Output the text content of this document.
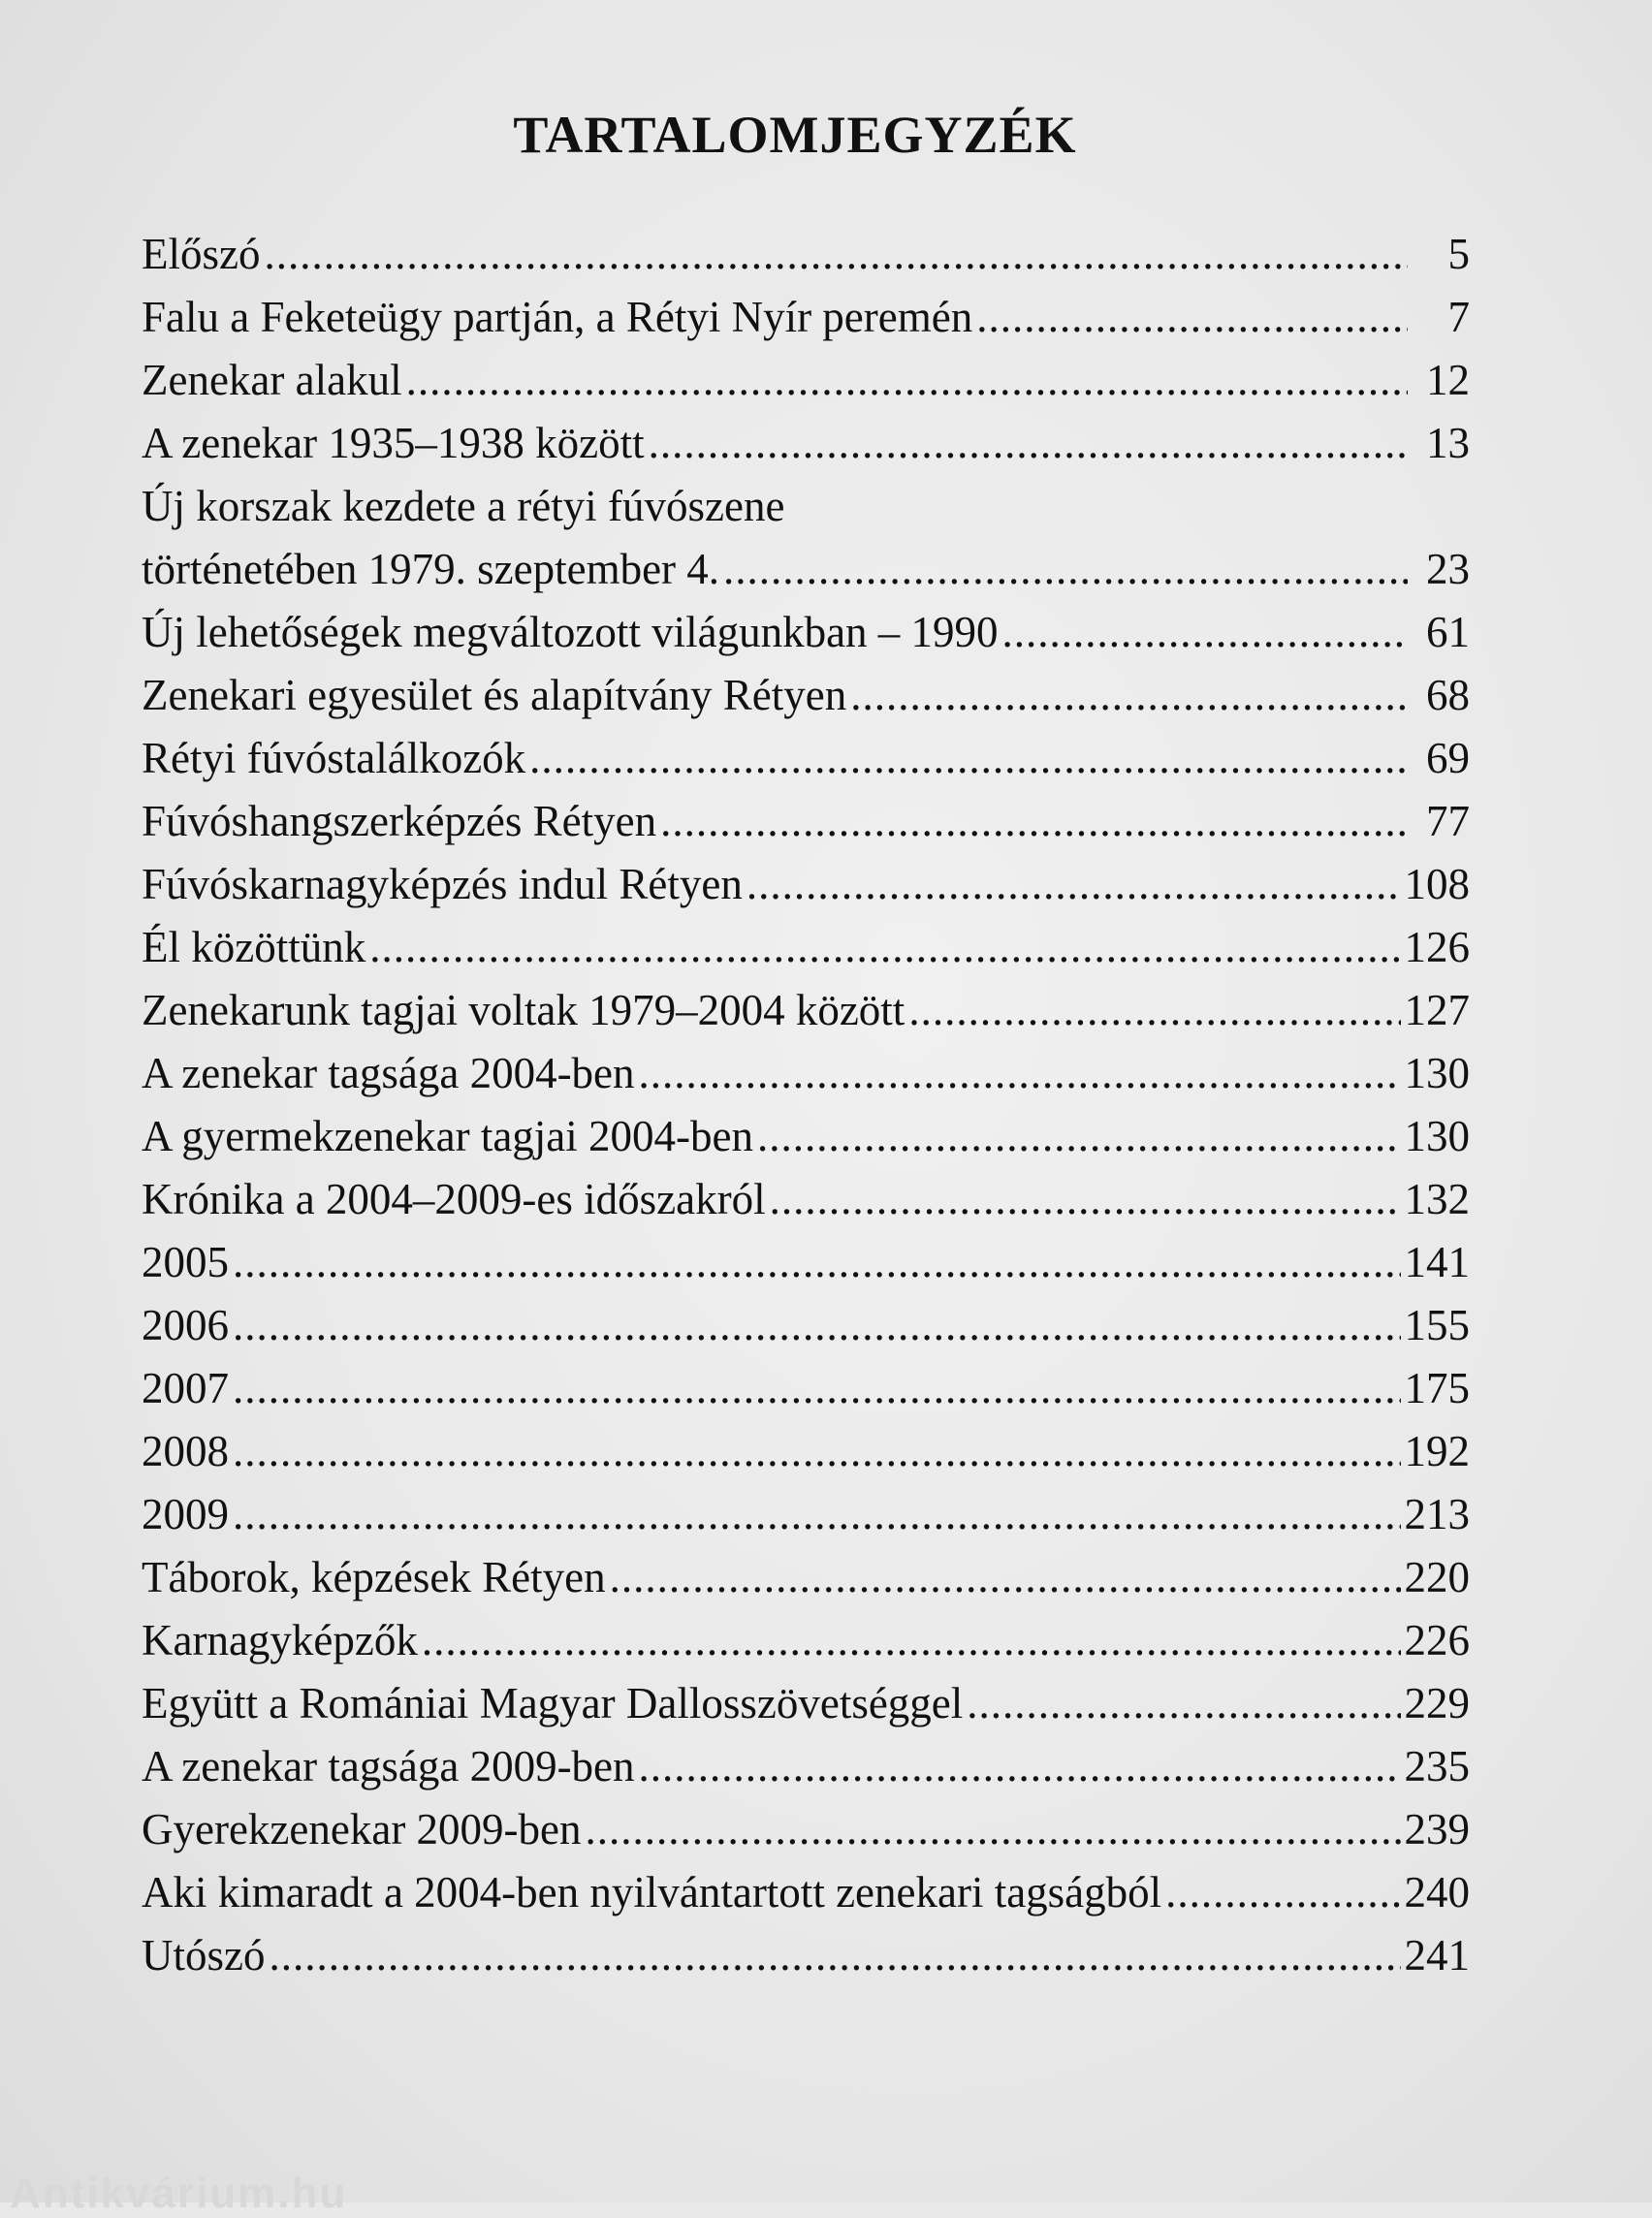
TARTALOMJEGYZÉK
Előszó .....	5
Falu a Feketeügy partján, a Rétyi Nyír peremén .....	7
Zenekar alakul .....	12
A zenekar 1935–1938 között .....	13
Új korszak kezdete a rétyi fúvószene
történetében 1979. szeptember 4. .....	23
Új lehetőségek megváltozott világunkban – 1990 .....	61
Zenekari egyesület és alapítvány Rétyen .....	68
Rétyi fúvóstalálkozók .....	69
Fúvóshangszerképzés Rétyen .....	77
Fúvóskarnagyképzés indul Rétyen .....	108
Él közöttünk .....	126
Zenekarunk tagjai voltak 1979–2004 között .....	127
A zenekar tagsága 2004-ben .....	130
A gyermekzenekar tagjai 2004-ben .....	130
Krónika a 2004–2009-es időszakról .....	132
2005 .....	141
2006 .....	155
2007 .....	175
2008 .....	192
2009 .....	213
Táborok, képzések Rétyen .....	220
Karnagyképzők .....	226
Együtt a Romániai Magyar Dallosszövetséggel .....	229
A zenekar tagsága 2009-ben .....	235
Gyerekzenekar 2009-ben .....	239
Aki kimaradt a 2004-ben nyilvántartott zenekari tagságból .....	240
Utószó .....	241
Antikvárium.hu
